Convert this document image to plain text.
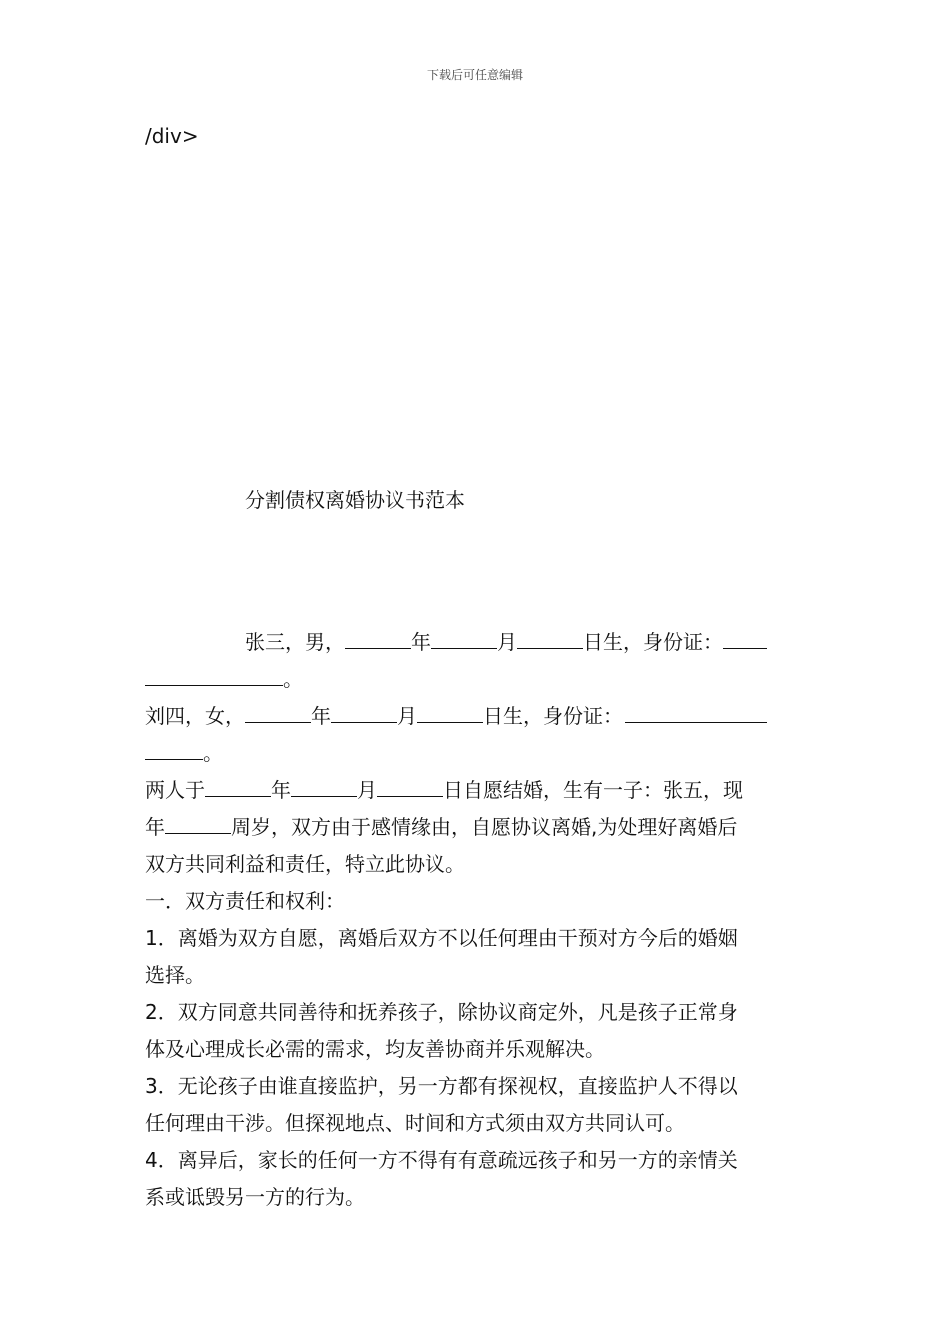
下载后可任意编辑
/div>
分割债权离婚协议书范本
张三，男，	年	月	日生，身份证：
。
刘四，女，	年	月	日生，身份证：
。
两人于	年	月	日自愿结婚，生有一子：张五，现
年	周岁，双方由于感情缘由，自愿协议离婚,为处理好离婚后
双方共同利益和责任，特立此协议。
一．双方责任和权利：
1．离婚为双方自愿，离婚后双方不以任何理由干预对方今后的婚姻
选择。
2．双方同意共同善待和抚养孩子，除协议商定外，凡是孩子正常身
体及心理成长必需的需求，均友善协商并乐观解决。
3．无论孩子由谁直接监护，另一方都有探视权，直接监护人不得以
任何理由干涉。但探视地点、时间和方式须由双方共同认可。
4．离异后，家长的任何一方不得有有意疏远孩子和另一方的亲情关
系或诋毁另一方的行为。
